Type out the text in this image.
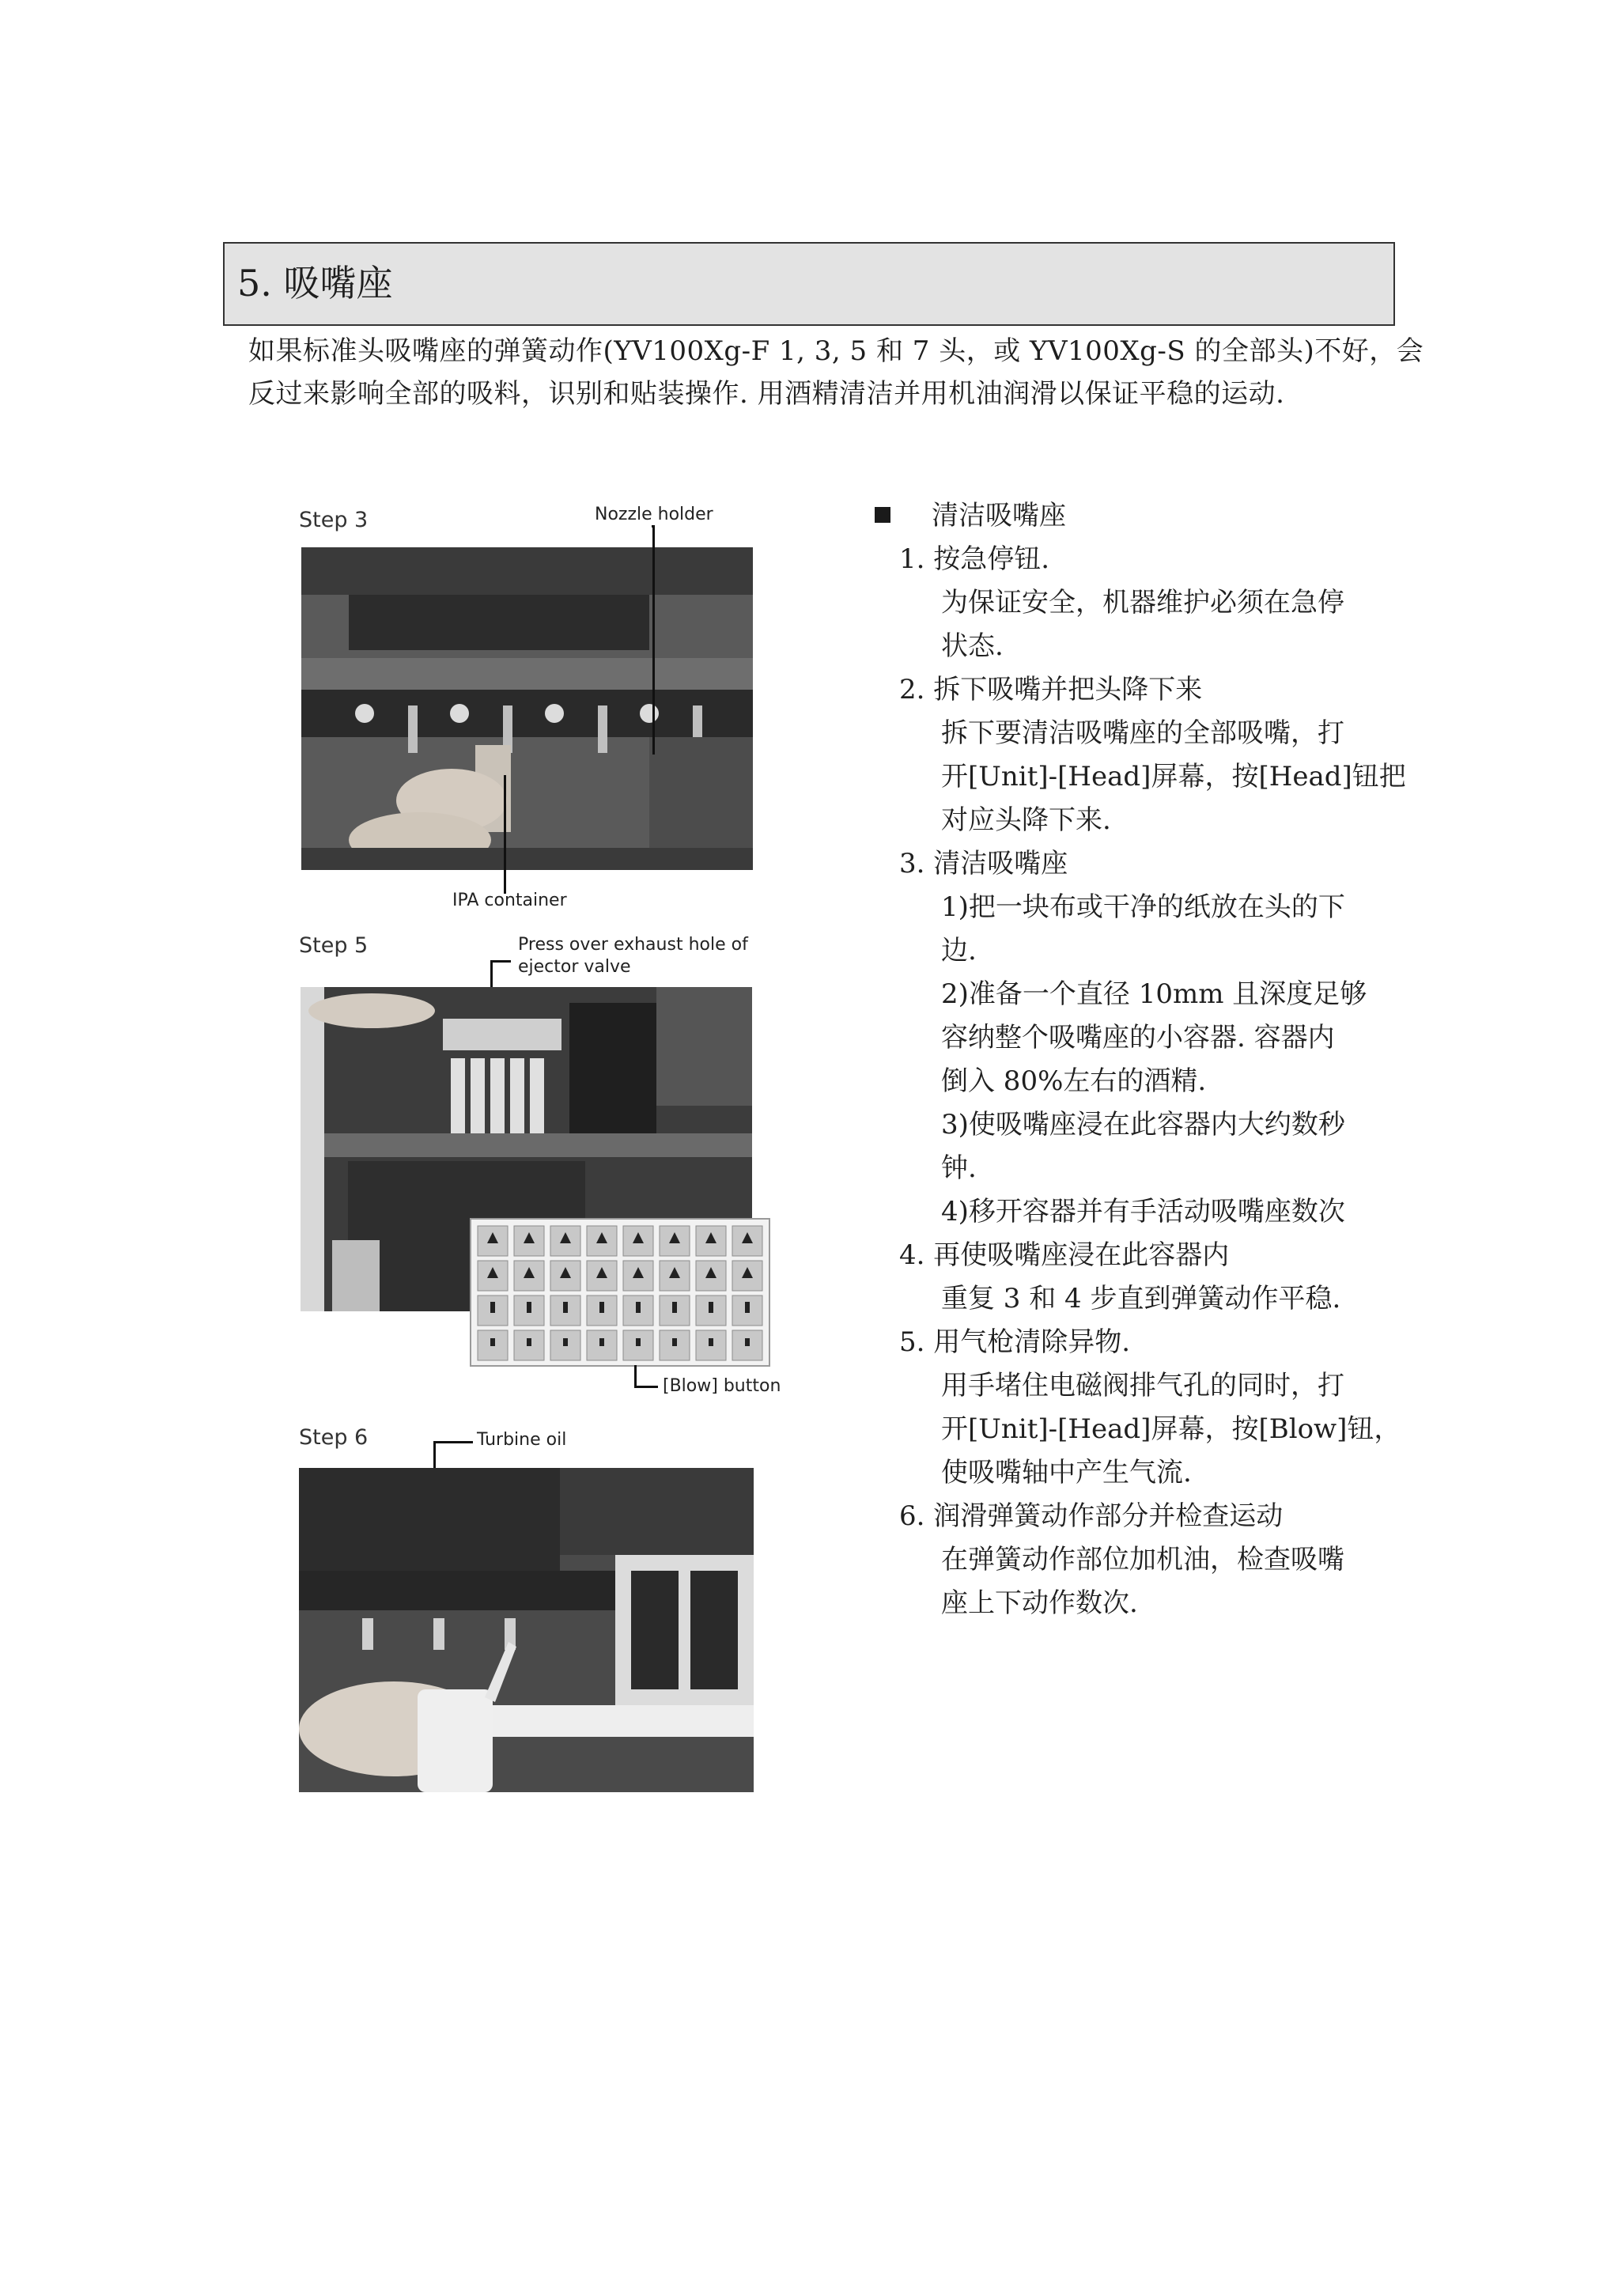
5. 吸嘴座
如果标准头吸嘴座的弹簧动作(YV100Xg-F 1, 3, 5 和 7 头，或 YV100Xg-S 的全部头)不好，会
反过来影响全部的吸料，识别和贴装操作. 用酒精清洁并用机油润滑以保证平稳的运动.
Step 3	Nozzle holder
IPA container
Step 5	Press over exhaust hole of
ejector valve
[Blow] button
Step 6	Turbine oil
清洁吸嘴座
1. 按急停钮.
为保证安全，机器维护必须在急停
状态.
2. 拆下吸嘴并把头降下来
拆下要清洁吸嘴座的全部吸嘴，打
开[Unit]-[Head]屏幕，按[Head]钮把
对应头降下来.
3. 清洁吸嘴座
1)把一块布或干净的纸放在头的下
边.
2)准备一个直径 10mm 且深度足够
容纳整个吸嘴座的小容器. 容器内
倒入 80%左右的酒精.
3)使吸嘴座浸在此容器内大约数秒
钟.
4)移开容器并有手活动吸嘴座数次
4. 再使吸嘴座浸在此容器内
重复 3 和 4 步直到弹簧动作平稳.
5. 用气枪清除异物.
用手堵住电磁阀排气孔的同时，打
开[Unit]-[Head]屏幕，按[Blow]钮，
使吸嘴轴中产生气流.
6. 润滑弹簧动作部分并检查运动
在弹簧动作部位加机油，检查吸嘴
座上下动作数次.
